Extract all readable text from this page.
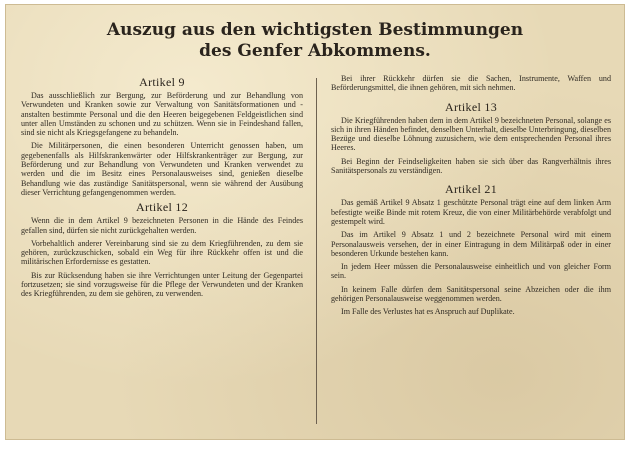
Auszug aus den wichtigsten Bestimmungen
des Genfer Abkommens.
Artikel 9

Das ausschließlich zur Bergung, zur Beförderung und zur Behandlung von Verwundeten und Kranken sowie zur Verwaltung von Sanitätsformationen und -anstalten bestimmte Personal und die den Heeren beigegebenen Feldgeistlichen sind unter allen Umständen zu schonen und zu schützen. Wenn sie in Feindeshand fallen, sind sie nicht als Kriegsgefangene zu behandeln.

Die Militärpersonen, die einen besonderen Unterricht genossen haben, um gegebenenfalls als Hilfskrankenwärter oder Hilfskrankenträger zur Bergung, zur Beförderung und zur Behandlung von Verwundeten und Kranken verwendet zu werden und die im Besitz eines Personalausweises sind, genießen dieselbe Behandlung wie das zuständige Sanitätspersonal, wenn sie während der Ausübung dieser Verrichtung gefangengenommen werden.

Artikel 12

Wenn die in dem Artikel 9 bezeichneten Personen in die Hände des Feindes gefallen sind, dürfen sie nicht zurückgehalten werden.

Vorbehaltlich anderer Vereinbarung sind sie zu dem Kriegführenden, zu dem sie gehören, zurückzuschicken, sobald ein Weg für ihre Rückkehr offen ist und die militärischen Erfordernisse es gestatten.

Bis zur Rücksendung haben sie ihre Verrichtungen unter Leitung der Gegenpartei fortzusetzen; sie sind vorzugsweise für die Pflege der Verwundeten und der Kranken des Kriegführenden, zu dem sie gehören, zu verwenden.

Bei ihrer Rückkehr dürfen sie die Sachen, Instrumente, Waffen und Beförderungsmittel, die ihnen gehören, mit sich nehmen.

Artikel 13

Die Kriegführenden haben dem in dem Artikel 9 bezeichneten Personal, solange es sich in ihren Händen befindet, denselben Unterhalt, dieselbe Unterbringung, dieselben Bezüge und dieselbe Löhnung zuzusichern, wie dem entsprechenden Personal ihres Heeres.

Bei Beginn der Feindseligkeiten haben sie sich über das Rangverhältnis ihres Sanitätspersonals zu verständigen.

Artikel 21

Das gemäß Artikel 9 Absatz 1 geschützte Personal trägt eine auf dem linken Arm befestigte weiße Binde mit rotem Kreuz, die von einer Militärbehörde verabfolgt und gestempelt wird.

Das im Artikel 9 Absatz 1 und 2 bezeichnete Personal wird mit einem Personalausweis versehen, der in einer Eintragung in dem Militärpaß oder in einer besonderen Urkunde bestehen kann.

In jedem Heer müssen die Personalausweise einheitlich und von gleicher Form sein.

In keinem Falle dürfen dem Sanitätspersonal seine Abzeichen oder die ihm gehörigen Personalausweise weggenommen werden.

Im Falle des Verlustes hat es Anspruch auf Duplikate.
